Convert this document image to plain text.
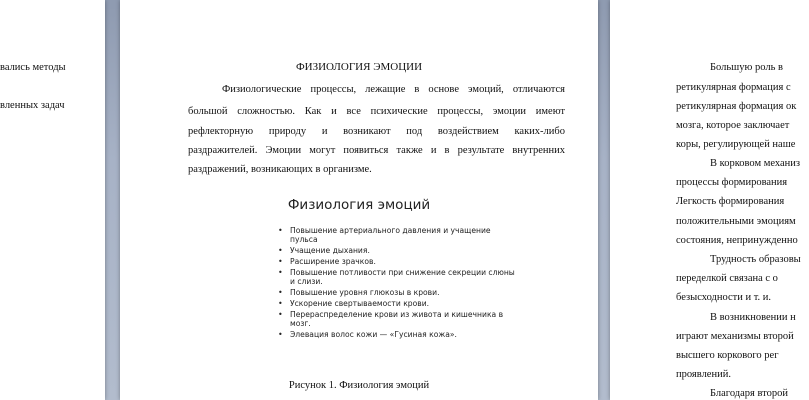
вались методы
вленных задач
ФИЗИОЛОГИЯ ЭМОЦИИ
Физиологические процессы, лежащие в основе эмоций, отличаются
большой сложностью. Как и все психические процессы, эмоции имеют
рефлекторную природу и возникают под воздействием каких-либо
раздражителей. Эмоции могут появиться также и в результате внутренних
раздражений, возникающих в организме.
Физиология эмоций
• Повышение артериального давления и учащение пульса
• Учащение дыхания.
• Расширение зрачков.
• Повышение потливости при снижение секреции слюны и слизи.
• Повышение уровня глюкозы в крови.
• Ускорение свертываемости крови.
• Перераспределение крови из живота и кишечника в мозг.
• Элевация волос кожи — «Гусиная кожа».
Рисунок 1. Физиология эмоций
Большую роль в
ретикулярная формация с
ретикулярная формация ок
мозга, которое заключает
коры, регулирующей наше
В корковом механиз
процессы формирования
Легкость формирования
положительными эмоциям
состояния, непринужденно
Трудность образовы
переделкой связана с о
безысходности и т. и.
В возникновении н
играют механизмы второй
высшего коркового рег
проявлений.
Благодаря второй
